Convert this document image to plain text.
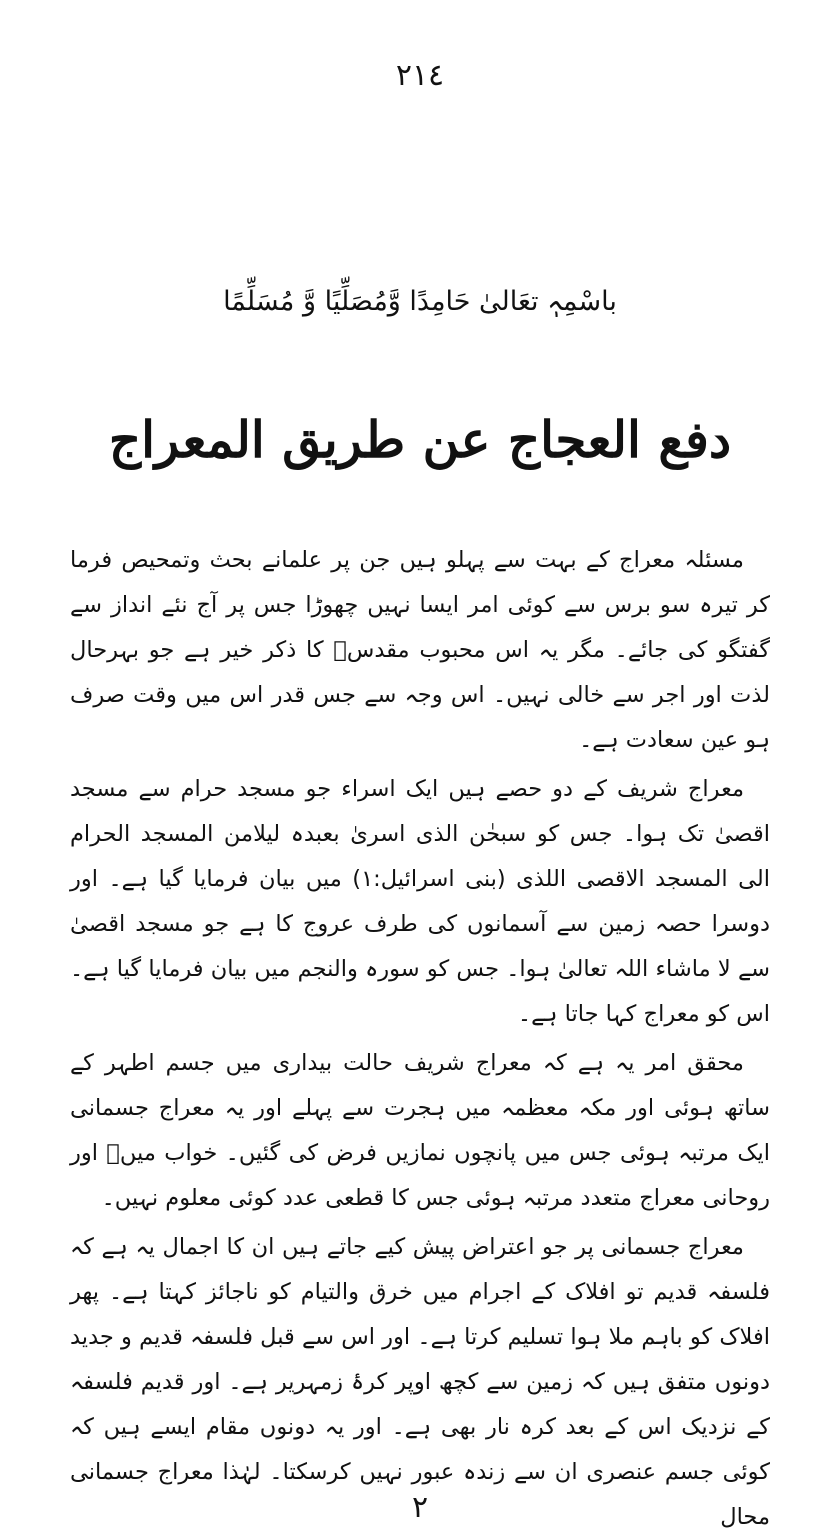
٢١٤
باسْمِہٖ تعَالیٰ حَامِدًا وَّمُصَلِّیًا وَّ مُسَلِّمًا
دفع العجاج عن طریق المعراج

مسئلہ معراج کے بہت سے پہلو ہیں جن پر علمانے بحث وتمحیص فرما کر تیرہ سو برس سے کوئی امر ایسا نہیں چھوڑا جس پر آج نئے انداز سے گفتگو کی جائے۔ مگر یہ اس محبوب مقدسؐ کا ذکر خیر ہے جو بہرحال لذت اور اجر سے خالی نہیں۔ اس وجہ سے جس قدر اس میں وقت صرف ہو عین سعادت ہے۔

معراج شریف کے دو حصے ہیں ایک اسراء جو مسجد حرام سے مسجد اقصیٰ تک ہوا۔ جس کو سبحٰن الذی اسریٰ بعبدہ لیلامن المسجد الحرام الی المسجد الاقصی اللذی (بنی اسرائیل:١) میں بیان فرمایا گیا ہے۔ اور دوسرا حصہ زمین سے آسمانوں کی طرف عروج کا ہے جو مسجد اقصیٰ سے لا ماشاء اللہ تعالیٰ ہوا۔ جس کو سورہ والنجم میں بیان فرمایا گیا ہے۔ اس کو معراج کہا جاتا ہے۔

محقق امر یہ ہے کہ معراج شریف حالت بیداری میں جسم اطہر کے ساتھ ہوئی اور مکہ معظمہ میں ہجرت سے پہلے اور یہ معراج جسمانی ایک مرتبہ ہوئی جس میں پانچوں نمازیں فرض کی گئیں۔ خواب میںؑ اور روحانی معراج متعدد مرتبہ ہوئی جس کا قطعی عدد کوئی معلوم نہیں۔

معراج جسمانی پر جو اعتراض پیش کیے جاتے ہیں ان کا اجمال یہ ہے کہ فلسفہ قدیم تو افلاک کے اجرام میں خرق والتیام کو ناجائز کہتا ہے۔ پھر افلاک کو باہم ملا ہوا تسلیم کرتا ہے۔ اور اس سے قبل فلسفہ قدیم و جدید دونوں متفق ہیں کہ زمین سے کچھ اوپر کرۂ زمہریر ہے۔ اور قدیم فلسفہ کے نزدیک اس کے بعد کرہ نار بھی ہے۔ اور یہ دونوں مقام ایسے ہیں کہ کوئی جسم عنصری ان سے زندہ عبور نہیں کرسکتا۔ لہٰذا معراج جسمانی محال

٢
